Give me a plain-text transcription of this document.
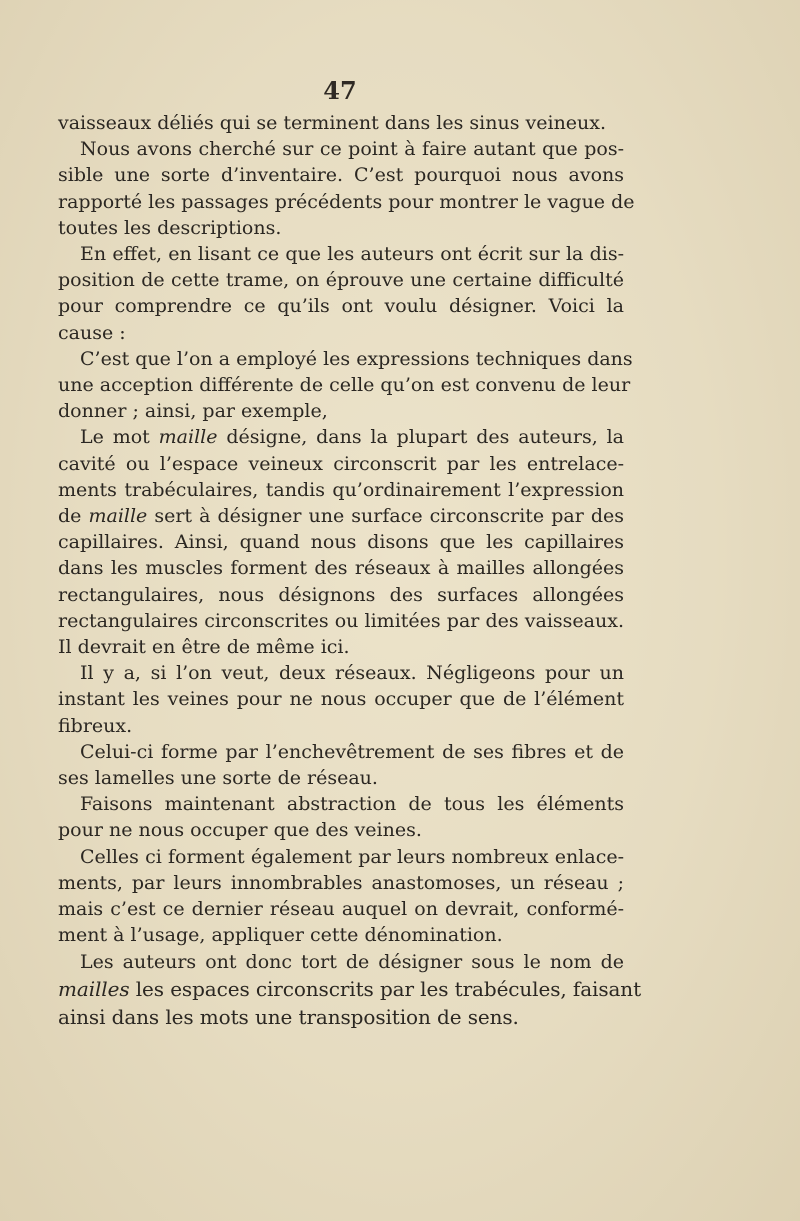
47
vaisseaux déliés qui se terminent dans les sinus veineux.
Nous avons cherché sur ce point à faire autant que pos-
sible une sorte d’inventaire. C’est pourquoi nous avons
rapporté les passages précédents pour montrer le vague de
toutes les descriptions.
En effet, en lisant ce que les auteurs ont écrit sur la dis-
position de cette trame, on éprouve une certaine difficulté
pour comprendre ce qu’ils ont voulu désigner. Voici la
cause :
C’est que l’on a employé les expressions techniques dans
une acception différente de celle qu’on est convenu de leur
donner ; ainsi, par exemple,
Le mot maille désigne, dans la plupart des auteurs, la
cavité ou l’espace veineux circonscrit par les entrelace-
ments trabéculaires, tandis qu’ordinairement l’expression
de maille sert à désigner une surface circonscrite par des
capillaires. Ainsi, quand nous disons que les capillaires
dans les muscles forment des réseaux à mailles allongées
rectangulaires, nous désignons des surfaces allongées
rectangulaires circonscrites ou limitées par des vaisseaux.
Il devrait en être de même ici.
Il y a, si l’on veut, deux réseaux. Négligeons pour un
instant les veines pour ne nous occuper que de l’élément
fibreux.
Celui-ci forme par l’enchevêtrement de ses fibres et de
ses lamelles une sorte de réseau.
Faisons maintenant abstraction de tous les éléments
pour ne nous occuper que des veines.
Celles ci forment également par leurs nombreux enlace-
ments, par leurs innombrables anastomoses, un réseau ;
mais c’est ce dernier réseau auquel on devrait, conformé-
ment à l’usage, appliquer cette dénomination.
Les auteurs ont donc tort de désigner sous le nom de
mailles les espaces circonscrits par les trabécules, faisant
ainsi dans les mots une transposition de sens.
